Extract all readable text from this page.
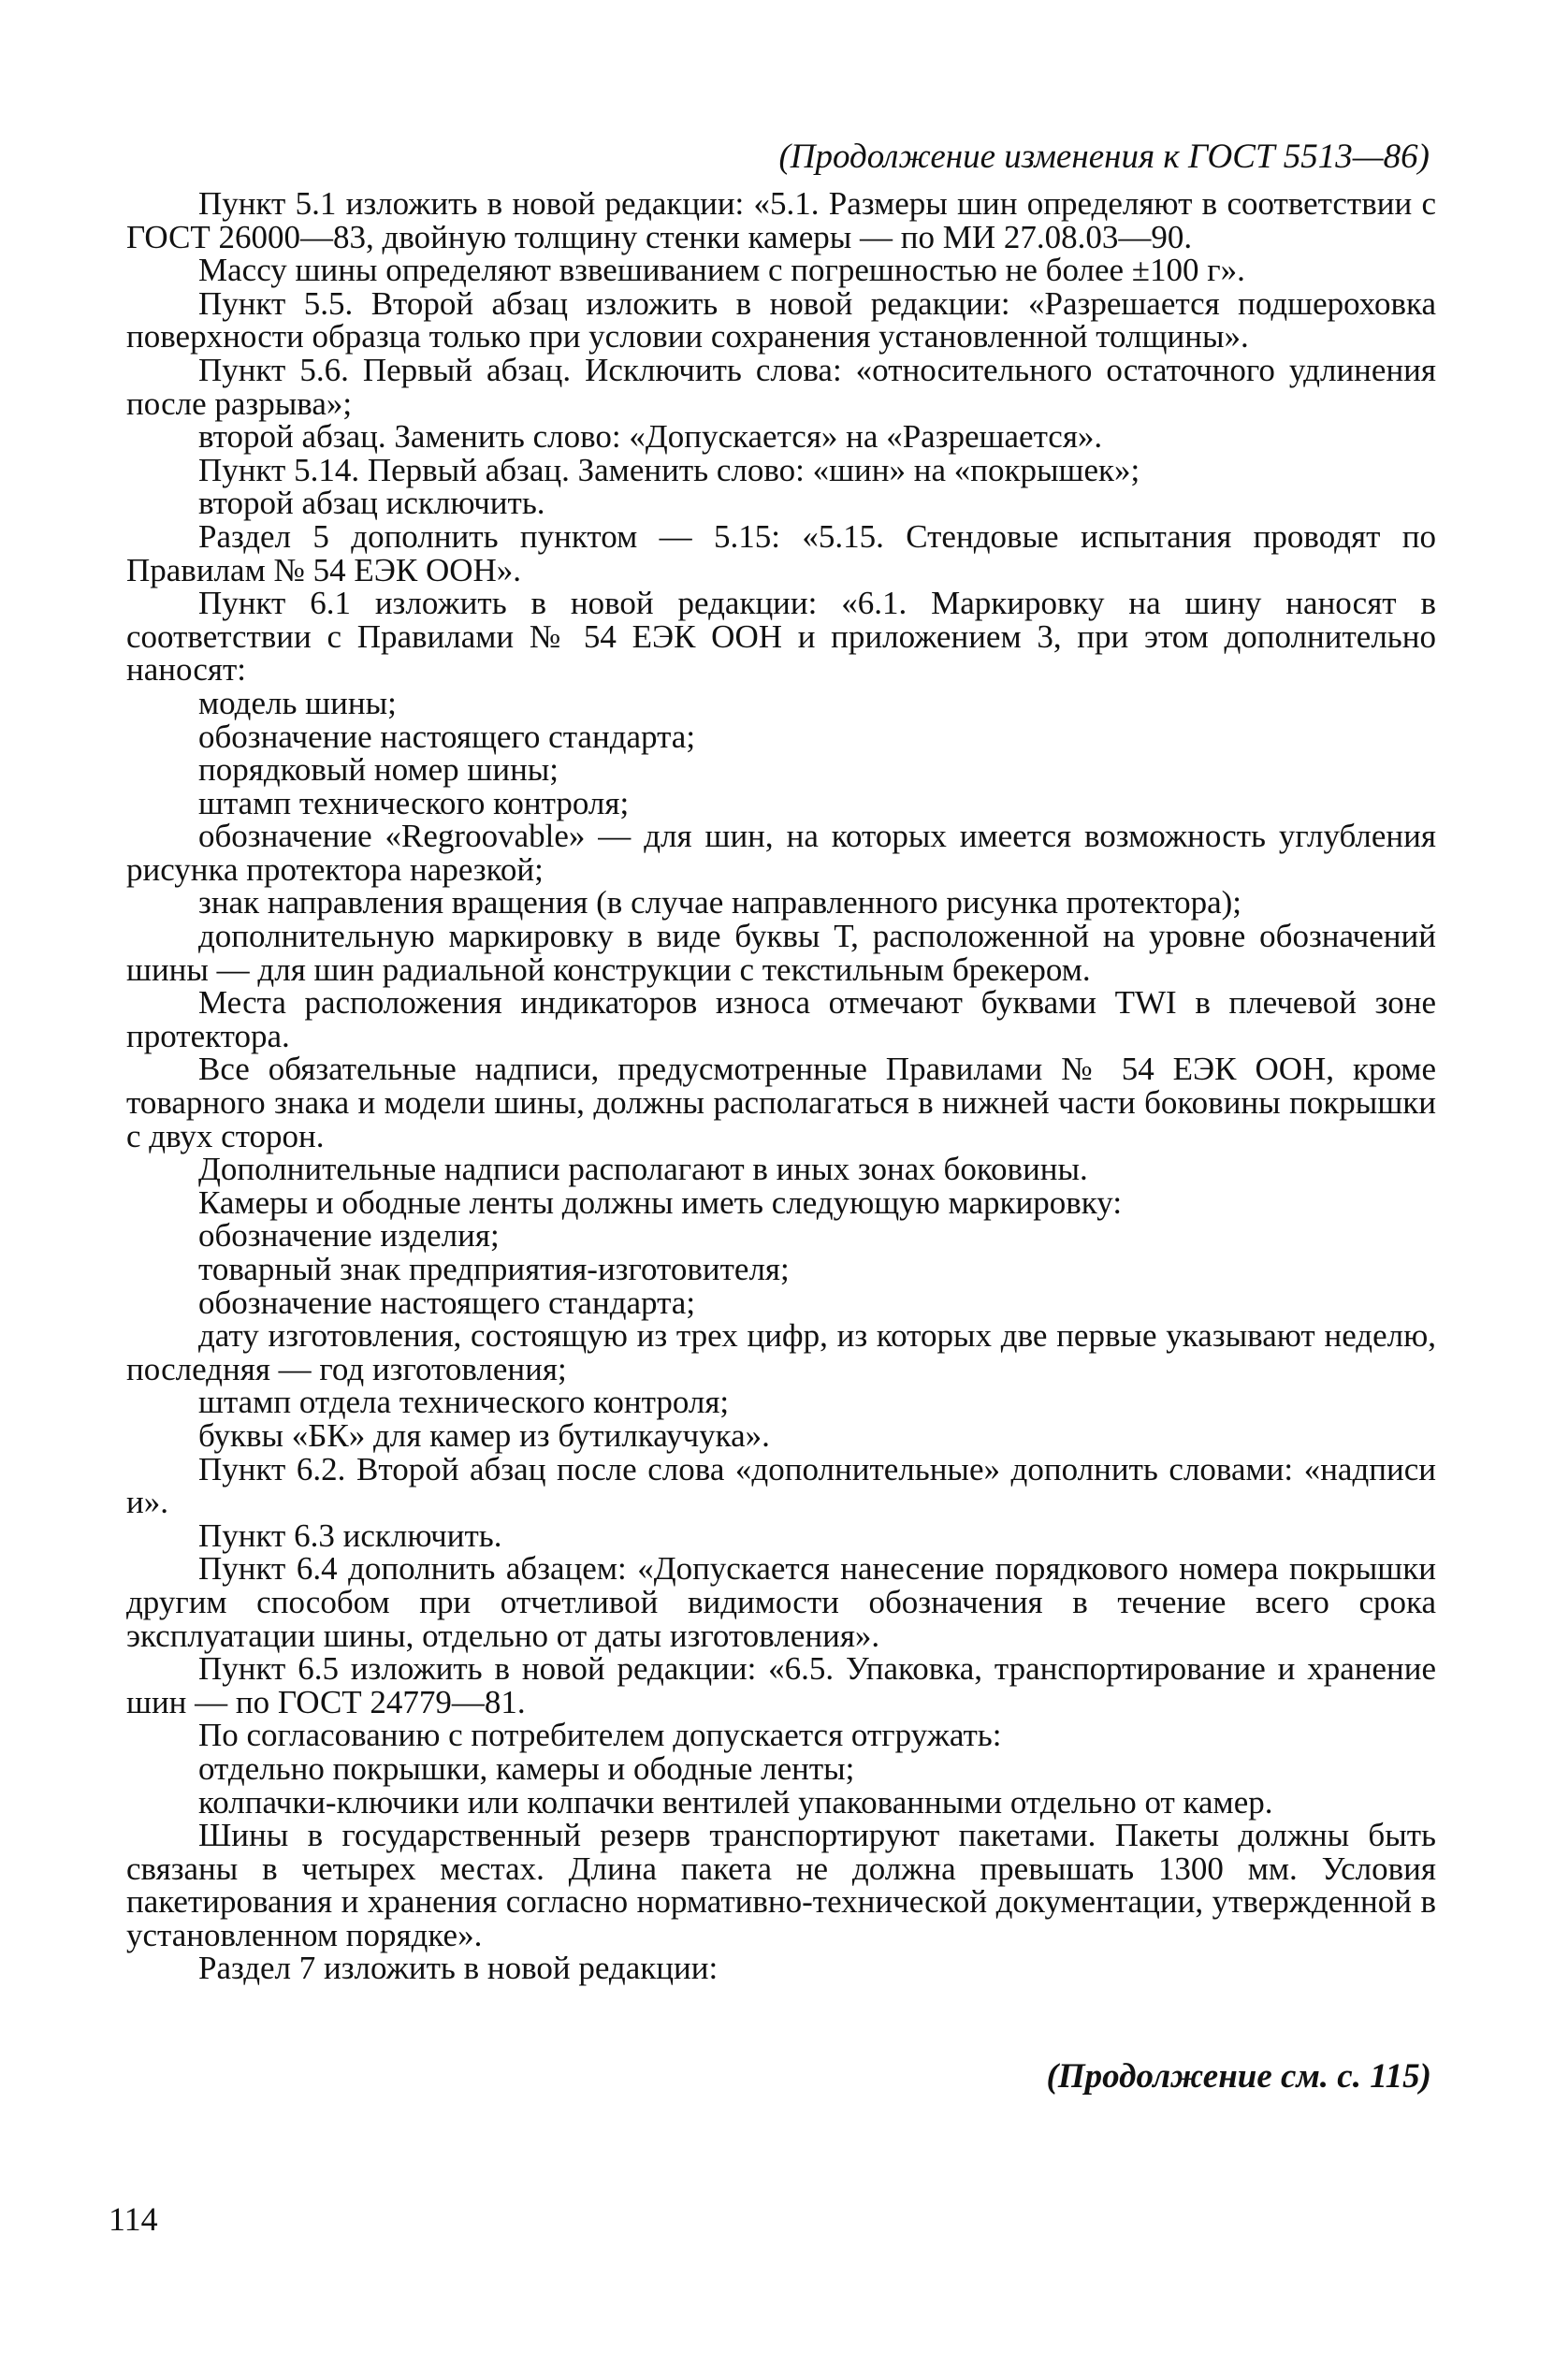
(Продолжение изменения к ГОСТ 5513—86)

Пункт 5.1 изложить в новой редакции: «5.1. Размеры шин определяют в соответствии с ГОСТ 26000—83, двойную толщину стенки камеры — по МИ 27.08.03—90.

Массу шины определяют взвешиванием с погрешностью не более ±100 г».

Пункт 5.5. Второй абзац изложить в новой редакции: «Разрешается подшероховка поверхности образца только при условии сохранения установленной толщины».

Пункт 5.6. Первый абзац. Исключить слова: «относительного остаточного удлинения после разрыва»;

второй абзац. Заменить слово: «Допускается» на «Разрешается».

Пункт 5.14. Первый абзац. Заменить слово: «шин» на «покрышек»;

второй абзац исключить.

Раздел 5 дополнить пунктом — 5.15: «5.15. Стендовые испытания проводят по Правилам № 54 ЕЭК ООН».

Пункт 6.1 изложить в новой редакции: «6.1. Маркировку на шину наносят в соответствии с Правилами № 54 ЕЭК ООН и приложением 3, при этом дополнительно наносят:

модель шины;

обозначение настоящего стандарта;

порядковый номер шины;

штамп технического контроля;

обозначение «Regroovable» — для шин, на которых имеется возможность углубления рисунка протектора нарезкой;

знак направления вращения (в случае направленного рисунка протектора);

дополнительную маркировку в виде буквы Т, расположенной на уровне обозначений шины — для шин радиальной конструкции с текстильным брекером.

Места расположения индикаторов износа отмечают буквами TWI в плечевой зоне протектора.

Все обязательные надписи, предусмотренные Правилами № 54 ЕЭК ООН, кроме товарного знака и модели шины, должны располагаться в нижней части боковины покрышки с двух сторон.

Дополнительные надписи располагают в иных зонах боковины.

Камеры и ободные ленты должны иметь следующую маркировку:

обозначение изделия;

товарный знак предприятия-изготовителя;

обозначение настоящего стандарта;

дату изготовления, состоящую из трех цифр, из которых две первые указывают неделю, последняя — год изготовления;

штамп отдела технического контроля;

буквы «БК» для камер из бутилкаучука».

Пункт 6.2. Второй абзац после слова «дополнительные» дополнить словами: «надписи и».

Пункт 6.3 исключить.

Пункт 6.4 дополнить абзацем: «Допускается нанесение порядкового номера покрышки другим способом при отчетливой видимости обозначения в течение всего срока эксплуатации шины, отдельно от даты изготовления».

Пункт 6.5 изложить в новой редакции: «6.5. Упаковка, транспортирование и хранение шин — по ГОСТ 24779—81.

По согласованию с потребителем допускается отгружать:

отдельно покрышки, камеры и ободные ленты;

колпачки-ключики или колпачки вентилей упакованными отдельно от камер.

Шины в государственный резерв транспортируют пакетами. Пакеты должны быть связаны в четырех местах. Длина пакета не должна превышать 1300 мм. Условия пакетирования и хранения согласно нормативно-технической документации, утвержденной в установленном порядке».

Раздел 7 изложить в новой редакции:

(Продолжение см. с. 115)
114
